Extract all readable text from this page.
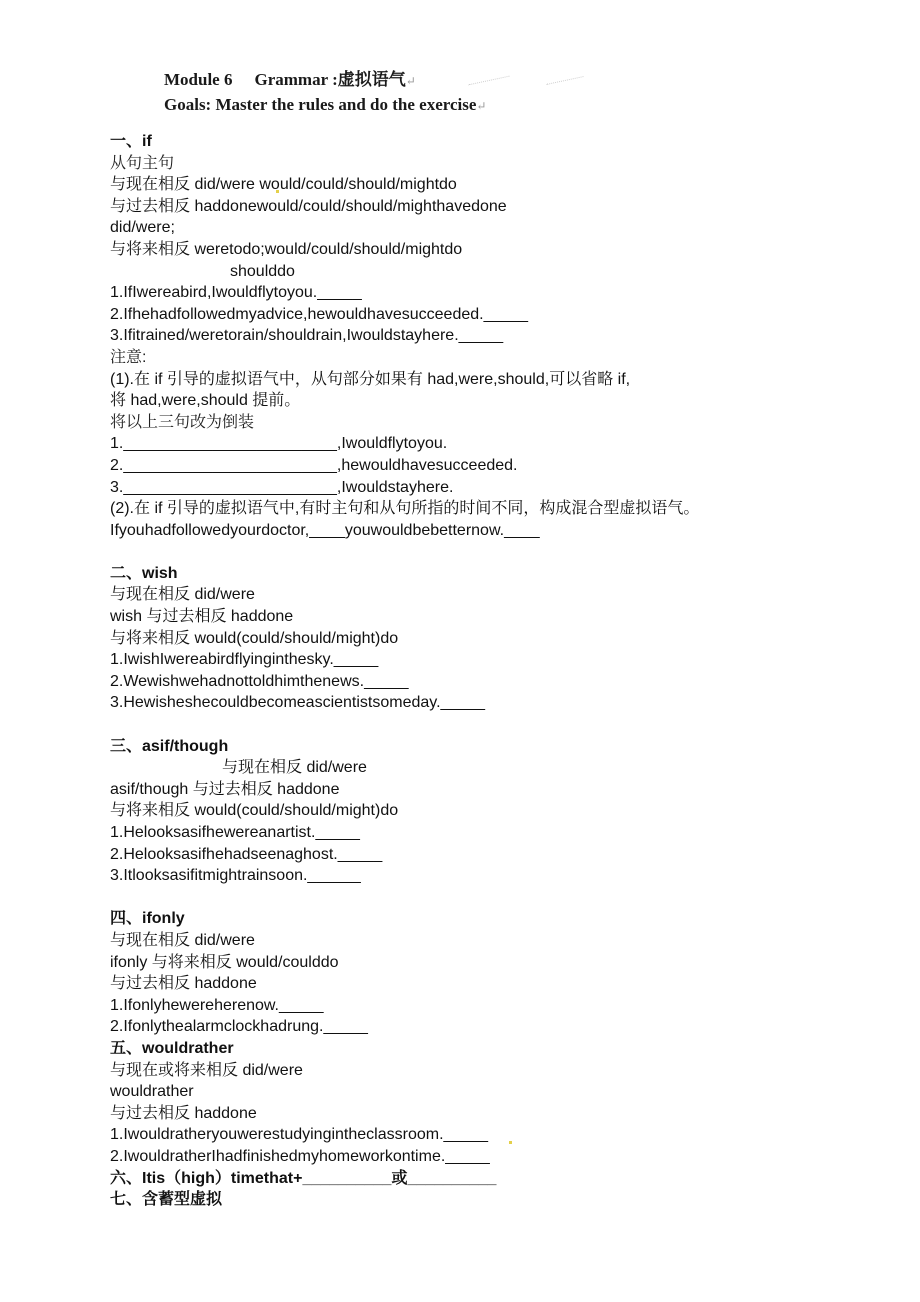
Module 6 Grammar :虚拟语气↵
Goals: Master the rules and do the exercise↵
一、if
从句主句
与现在相反 did/were would/could/should/mightdo
与过去相反 haddonewould/could/should/mighthavedone
did/were;
与将来相反 weretodo;would/could/should/mightdo
shoulddo
1.IfIwereabird,Iwouldflytoyou._____
2.Ifhehadfollowedmyadvice,hewouldhavesucceeded._____
3.Ifitrained/weretorain/shouldrain,Iwouldstayhere._____
注意:
(1).在 if 引导的虚拟语气中，从句部分如果有 had,were,should,可以省略 if,
将 had,were,should 提前。
将以上三句改为倒装
1.________________________,Iwouldflytoyou.
2.________________________,hewouldhavesucceeded.
3.________________________,Iwouldstayhere.
(2).在 if 引导的虚拟语气中,有时主句和从句所指的时间不同，构成混合型虚拟语气。
Ifyouhadfollowedyourdoctor,____youwouldbebetternow.____
二、wish
与现在相反 did/were
wish 与过去相反 haddone
与将来相反 would(could/should/might)do
1.IwishIwereabirdflyinginthesky._____
2.Wewishwehadnottoldhimthenews._____
3.Hewisheshecouldbecomeascientistsomeday._____
三、asif/though
与现在相反 did/were
asif/though 与过去相反 haddone
与将来相反 would(could/should/might)do
1.Helooksasifhewereanartist._____
2.Helooksasifhehadseenaghost._____
3.Itlooksasifitmightrainsoon.______
四、ifonly
与现在相反 did/were
ifonly 与将来相反 would/coulddo
与过去相反 haddone
1.Ifonlyhewereherenow._____
2.Ifonlythealarmclockhadrung._____
五、wouldrather
与现在或将来相反 did/were
wouldrather
与过去相反 haddone
1.Iwouldratheryouwerestudyingintheclassroom._____
2.IwouldratherIhadfinishedmyhomeworkontime._____
六、Itis（high）timethat+__________或__________
七、含蓄型虚拟
